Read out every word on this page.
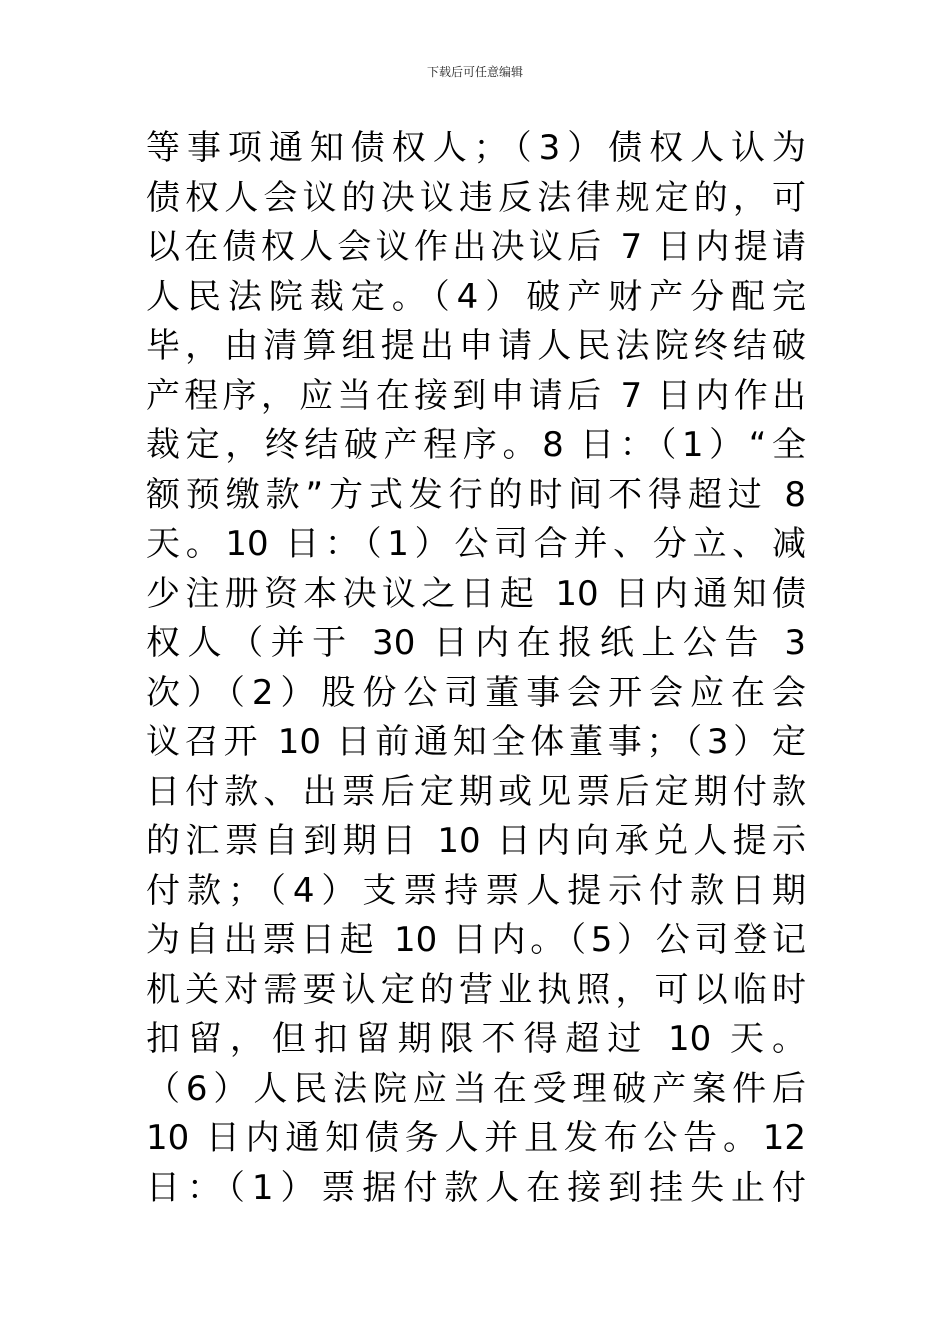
下载后可任意编辑
等事项通知债权人；（3）债权人认为
债权人会议的决议违反法律规定的，可
以在债权人会议作出决议后 7 日内提请
人民法院裁定。（4）破产财产分配完
毕，由清算组提出申请人民法院终结破
产程序，应当在接到申请后 7 日内作出
裁定，终结破产程序。8 日：（1）“全
额预缴款”方式发行的时间不得超过 8
天。10 日：（1）公司合并、分立、减
少注册资本决议之日起 10 日内通知债
权人（并于 30 日内在报纸上公告 3
次）（2）股份公司董事会开会应在会
议召开 10 日前通知全体董事；（3）定
日付款、出票后定期或见票后定期付款
的汇票自到期日 10 日内向承兑人提示
付款；（4）支票持票人提示付款日期
为自出票日起 10 日内。（5）公司登记
机关对需要认定的营业执照，可以临时
扣留，但扣留期限不得超过 10 天。
（6）人民法院应当在受理破产案件后
10 日内通知债务人并且发布公告。12
日：（1）票据付款人在接到挂失止付
